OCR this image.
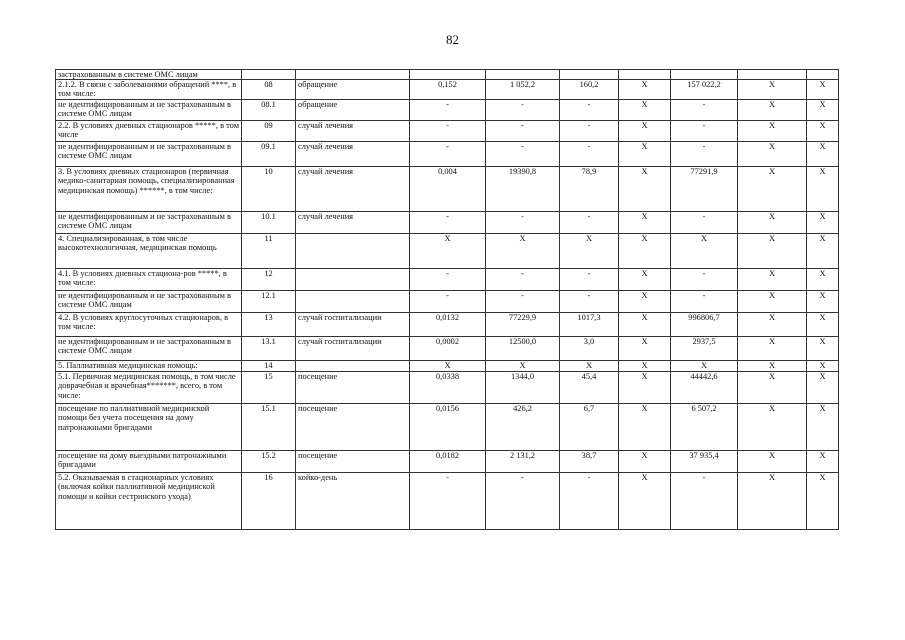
82
застрахованным в системе ОМС лицам									
2.1.2. В связи с заболеваниями обращений ****, в том числе:	08	обращение	0,152	1 052,2	160,2	X	157 022,2	X	X
не идентифицированным и не застрахованным в системе ОМС лицам	08.1	обращение	-	-	-	X	-	X	X
2.2. В условиях дневных стационаров *****, в том числе	09	случай лечения	-	-	-	X	-	X	X
не идентифицированным и не застрахованным в системе ОМС лицам	09.1	случай лечения	-	-	-	X	-	X	X
3. В условиях дневных стационаров (первичная медико-санитарная помощь, специализированная медицинская помощь) ******, в том числе:	10	случай лечения	0,004	19390,8	78,9	X	77291,9	X	X
не идентифицированным и не застрахованным в системе ОМС лицам	10.1	случай лечения	-	-	-	X	-	X	X
4. Специализированная, в том числе высокотехнологичная, медицинская помощь	11		X	X	X	X	X	X	X
4.1. В условиях дневных стациона-ров *****, в том числе:	12		-	-	-	X	-	X	X
не идентифицированным и не застрахованным в системе ОМС лицам	12.1		-	-	-	X	-	X	X
4.2. В условиях круглосуточных стационаров, в том числе:	13	случай госпитализации	0,0132	77229,9	1017,3	X	996806,7	X	X
не идентифицированным и не застрахованным в системе ОМС лицам	13.1	случай госпитализации	0,0002	12500,0	3,0	X	2937,5	X	X
5. Паллиативная медицинская помощь:	14		X	X	X	X	X	X	X
5.1. Первичная медицинская помощь, в том числе доврачебная и врачебная*******, всего, в том числе:	15	посещение	0,0338	1344,0	45,4	X	44442,6	X	X
посещение по паллиативной медицинской помощи без учета посещения на дому патронажными бригадами	15.1	посещение	0,0156	426,2	6,7	X	6 507,2	X	X
посещение на дому выездными патронажными бригадами	15.2	посещение	0,0182	2 131,2	38,7	X	37 935,4	X	X
5.2. Оказываемая в стационарных условиях (включая койки паллиативной медицинской помощи и койки сестринского ухода)	16	койко-день	-	-	-	X	-	X	X
